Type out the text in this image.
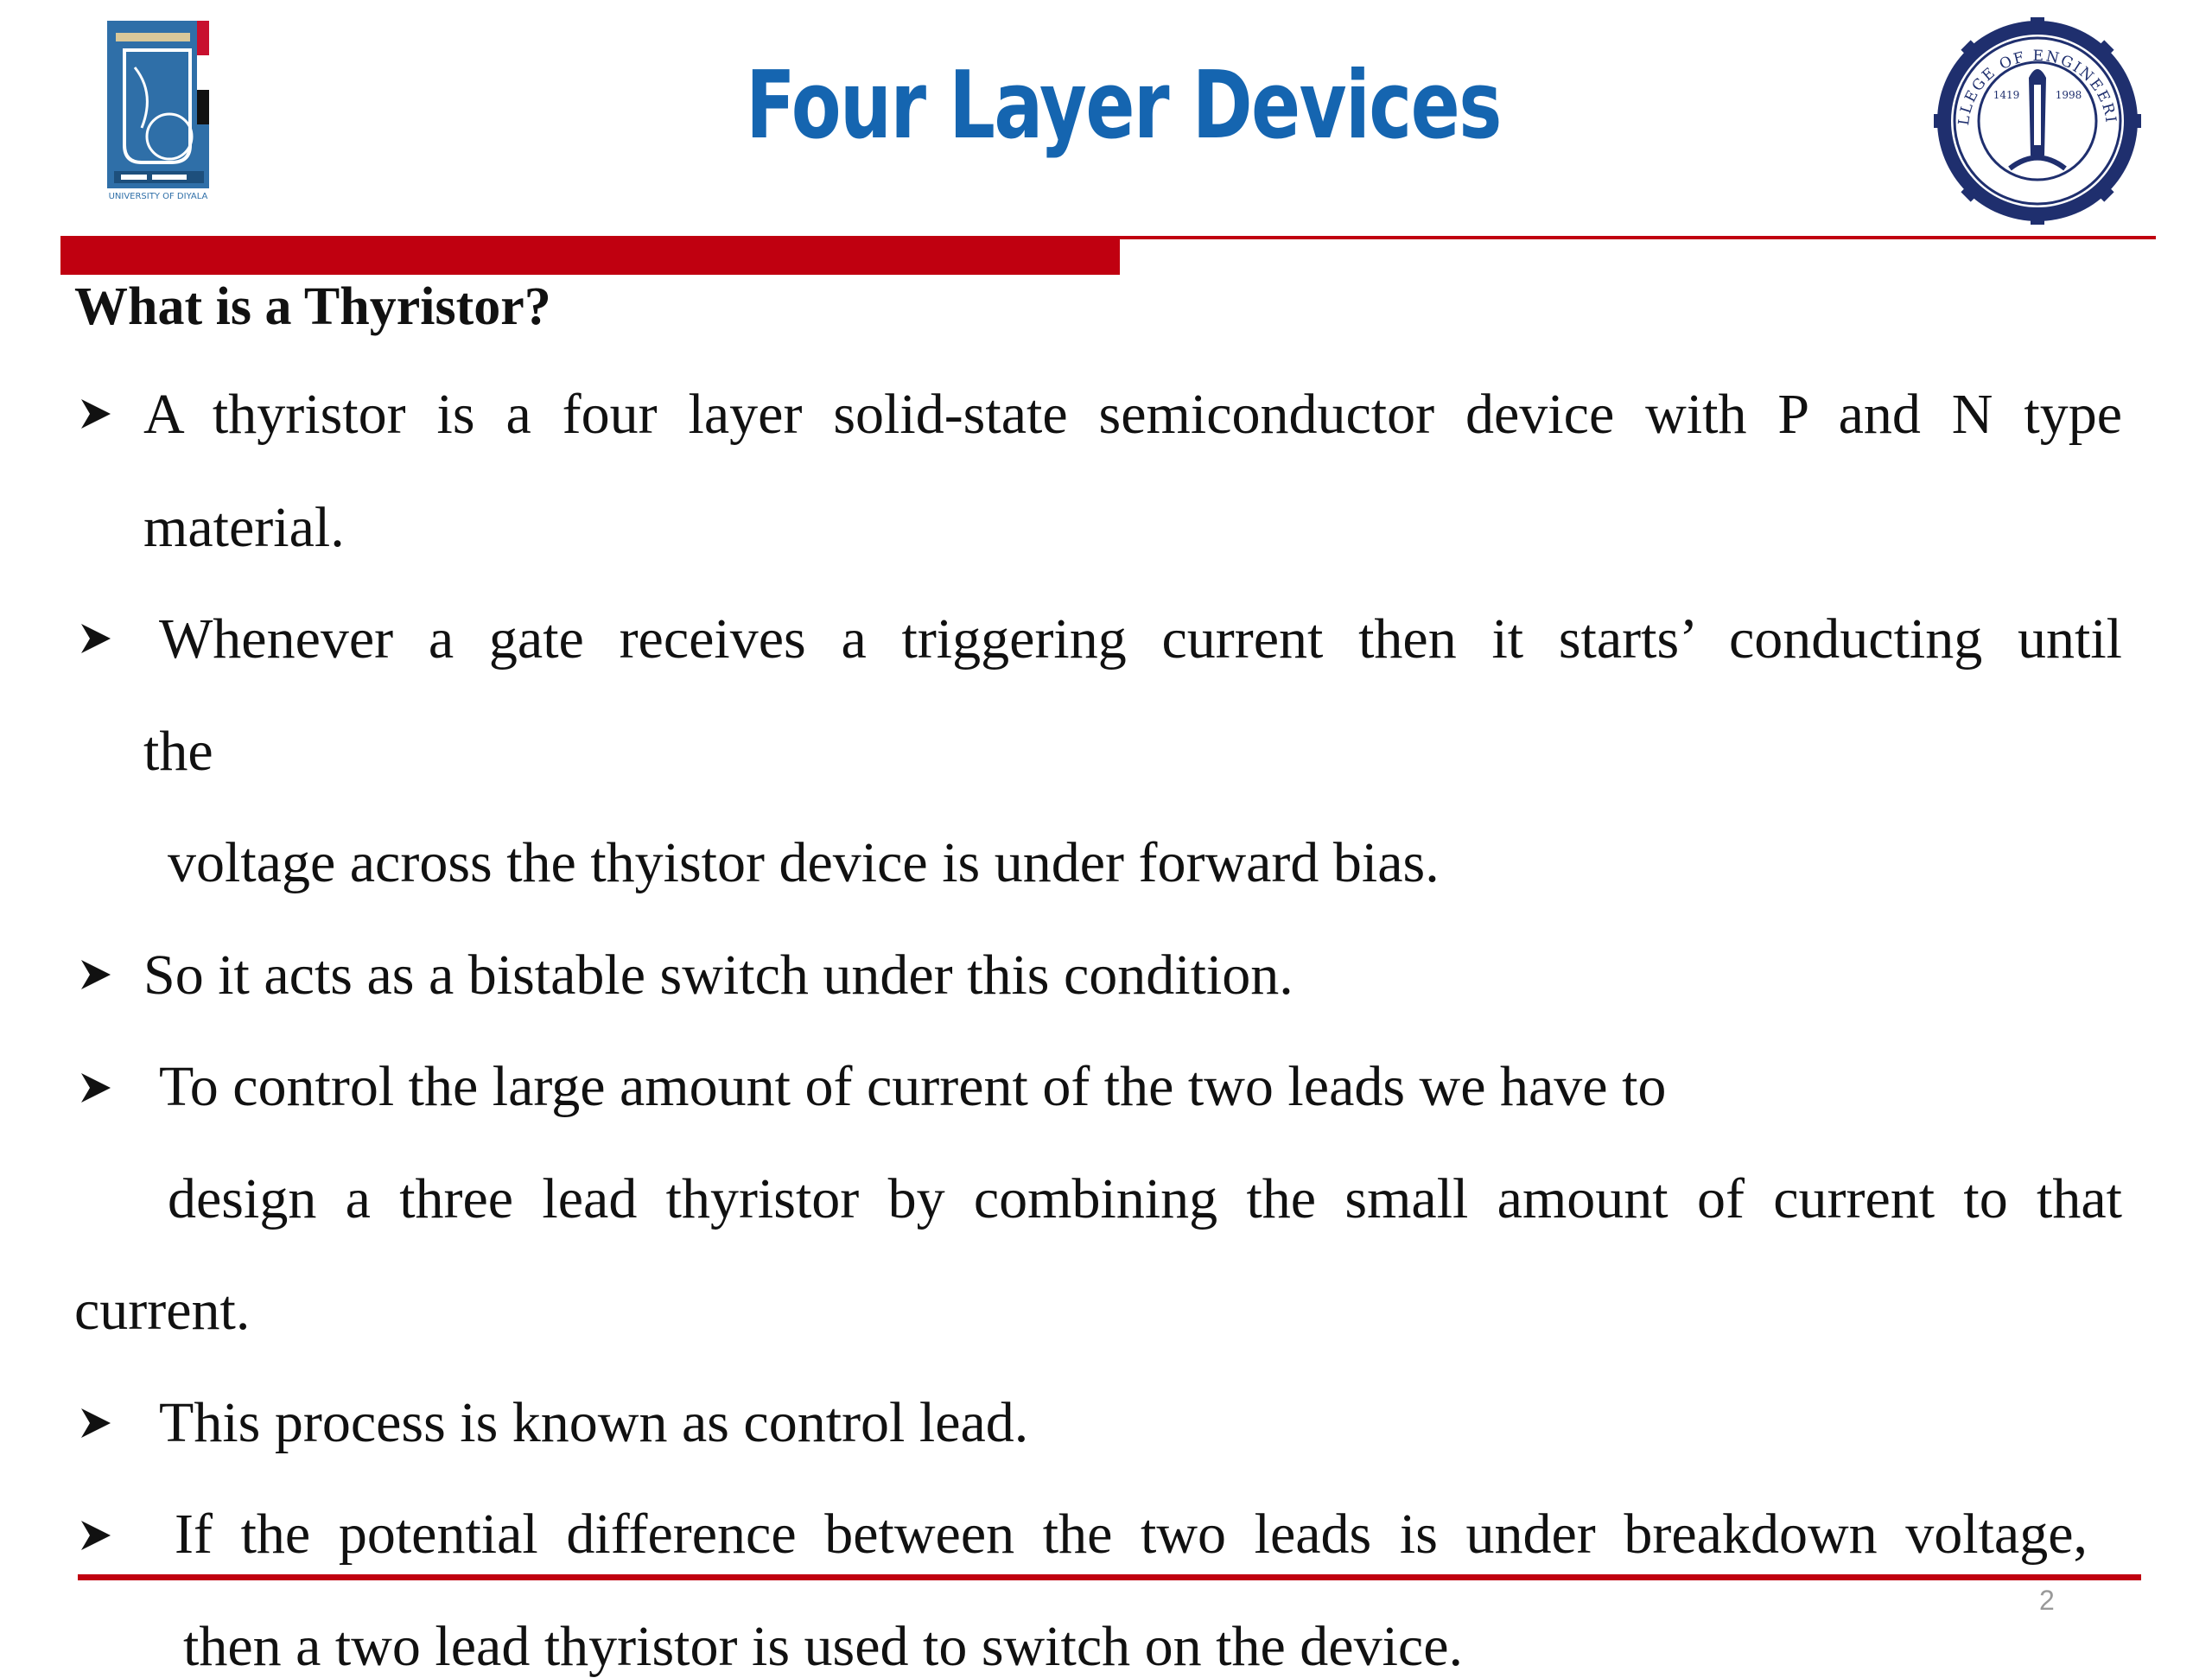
UNIVERSITY OF DIYALA
Four Layer Devices	LLEGE OF ENGINEERI
1419	1998
What is a Thyristor?
A thyristor is a four layer solid-state semiconductor device with P and N type
material.
Whenever a gate receives a triggering current then it starts’ conducting until
the
voltage across the thyistor device is under forward bias.
So it acts as a bistable switch under this condition.
To control the large amount of current of the two leads we have to
design a three lead thyristor by combining the small amount of current to that
current.
This process is known as control lead.
If the potential difference between the two leads is under breakdown voltage,
then a two lead thyristor is used to switch on the device.
2
